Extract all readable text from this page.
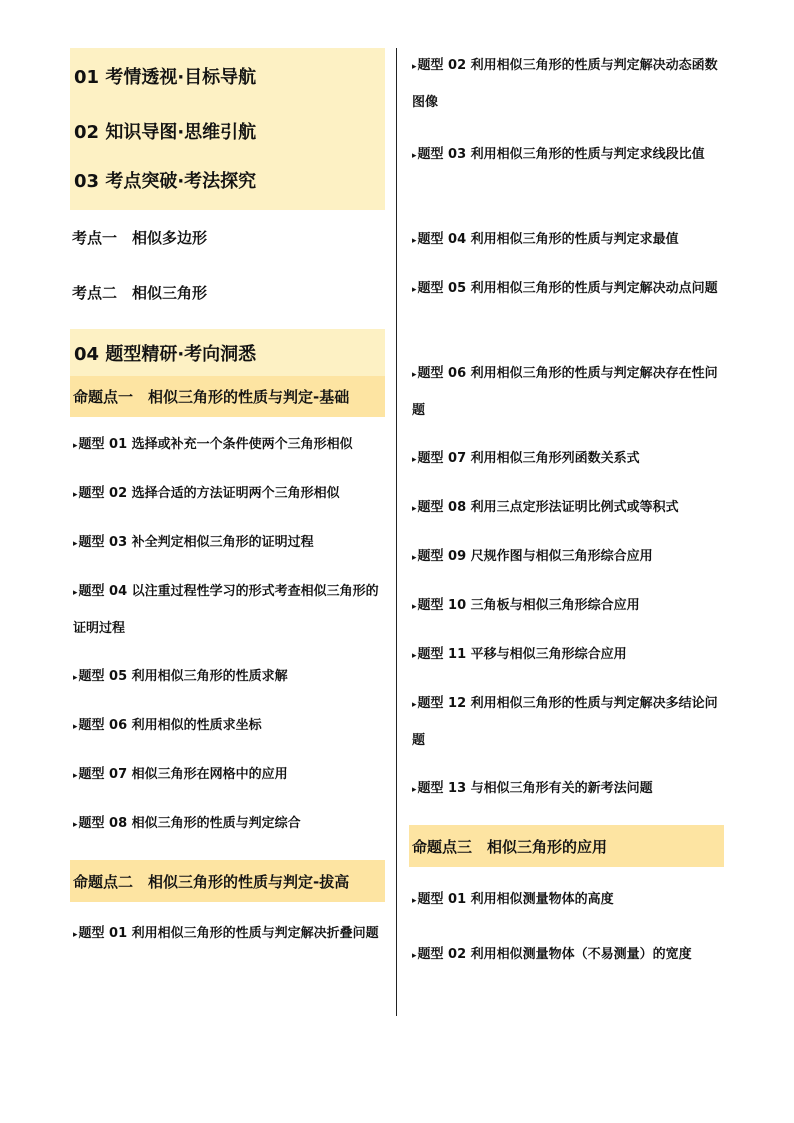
01 考情透视·目标导航
02 知识导图·思维引航
03 考点突破·考法探究
考点一　相似多边形
考点二　相似三角形
04 题型精研·考向洞悉
命题点一　相似三角形的性质与判定-基础
▸题型 01 选择或补充一个条件使两个三角形相似
▸题型 02 选择合适的方法证明两个三角形相似
▸题型 03 补全判定相似三角形的证明过程
▸题型 04 以注重过程性学习的形式考查相似三角形的证明过程
▸题型 05 利用相似三角形的性质求解
▸题型 06 利用相似的性质求坐标
▸题型 07 相似三角形在网格中的应用
▸题型 08 相似三角形的性质与判定综合
命题点二　相似三角形的性质与判定-拔高
▸题型 01 利用相似三角形的性质与判定解决折叠问题
▸题型 02 利用相似三角形的性质与判定解决动态函数图像
▸题型 03 利用相似三角形的性质与判定求线段比值
▸题型 04 利用相似三角形的性质与判定求最值
▸题型 05 利用相似三角形的性质与判定解决动点问题
▸题型 06 利用相似三角形的性质与判定解决存在性问题
▸题型 07 利用相似三角形列函数关系式
▸题型 08 利用三点定形法证明比例式或等积式
▸题型 09 尺规作图与相似三角形综合应用
▸题型 10 三角板与相似三角形综合应用
▸题型 11 平移与相似三角形综合应用
▸题型 12 利用相似三角形的性质与判定解决多结论问题
▸题型 13 与相似三角形有关的新考法问题
命题点三　相似三角形的应用
▸题型 01 利用相似测量物体的高度
▸题型 02 利用相似测量物体（不易测量）的宽度
